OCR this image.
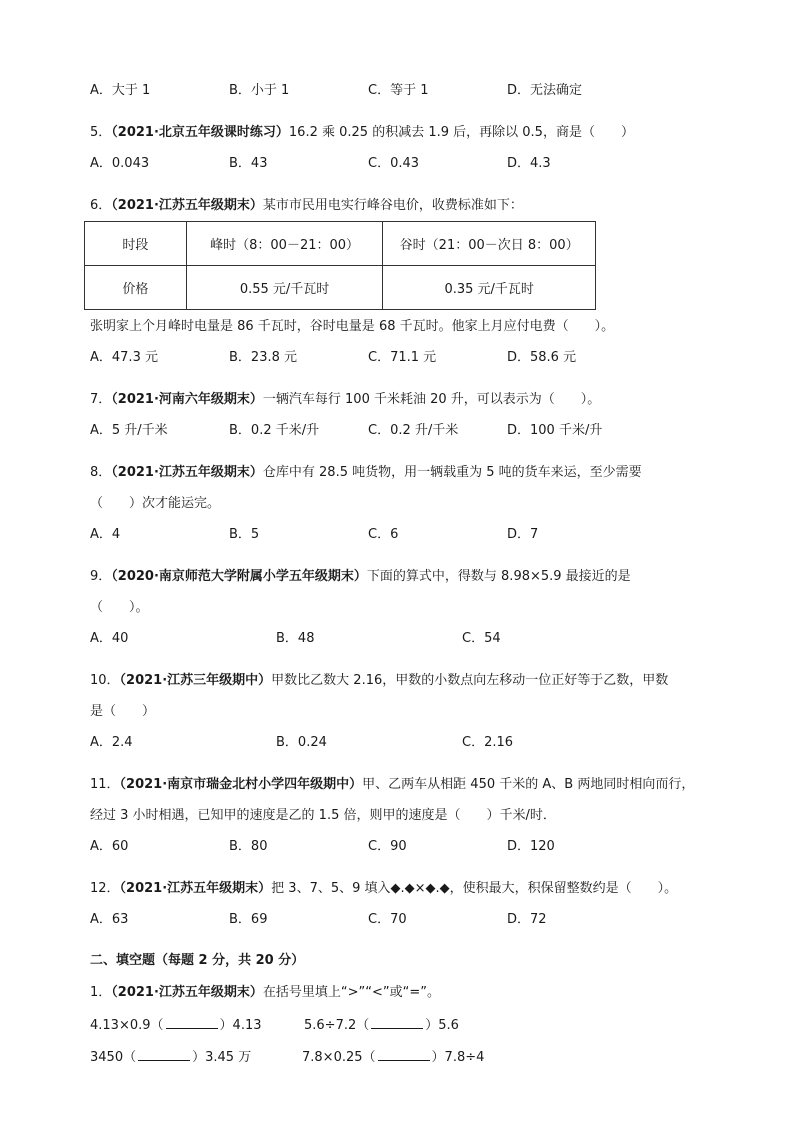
A．大于 1	B．小于 1	C．等于 1	D．无法确定
5．（2021·北京五年级课时练习）16.2 乘 0.25 的积减去 1.9 后，再除以 0.5，商是（　　）
A．0.043	B．43	C．0.43	D．4.3
6．（2021·江苏五年级期末）某市市民用电实行峰谷电价，收费标准如下：
时段	峰时（8：00－21：00）	谷时（21：00－次日 8：00）
价格	0.55 元/千瓦时	0.35 元/千瓦时
张明家上个月峰时电量是 86 千瓦时，谷时电量是 68 千瓦时。他家上月应付电费（　　）。
A．47.3 元	B．23.8 元	C．71.1 元	D．58.6 元
7．（2021·河南六年级期末）一辆汽车每行 100 千米耗油 20 升，可以表示为（　　）。
A．5 升/千米	B．0.2 千米/升	C．0.2 升/千米	D．100 千米/升
8．（2021·江苏五年级期末）仓库中有 28.5 吨货物，用一辆载重为 5 吨的货车来运，至少需要
（　　）次才能运完。
A．4	B．5	C．6	D．7
9．（2020·南京师范大学附属小学五年级期末）下面的算式中，得数与 8.98×5.9 最接近的是
（　　）。
A．40	B．48	C．54
10．（2021·江苏三年级期中）甲数比乙数大 2.16，甲数的小数点向左移动一位正好等于乙数，甲数
是（　　）
A．2.4	B．0.24	C．2.16
11．（2021·南京市瑞金北村小学四年级期中）甲、乙两车从相距 450 千米的 A、B 两地同时相向而行，
经过 3 小时相遇，已知甲的速度是乙的 1.5 倍，则甲的速度是（　　）千米/时．
A．60	B．80	C．90	D．120
12．（2021·江苏五年级期末）把 3、7、5、9 填入◆.◆×◆.◆，使积最大，积保留整数约是（　　）。
A．63	B．69	C．70	D．72
二、填空题（每题 2 分，共 20 分）
1．（2021·江苏五年级期末）在括号里填上“>”“<”或“=”。
4.13×0.9（	）4.13	5.6÷7.2（	）5.6
3450（	）3.45 万	7.8×0.25（	）7.8÷4
